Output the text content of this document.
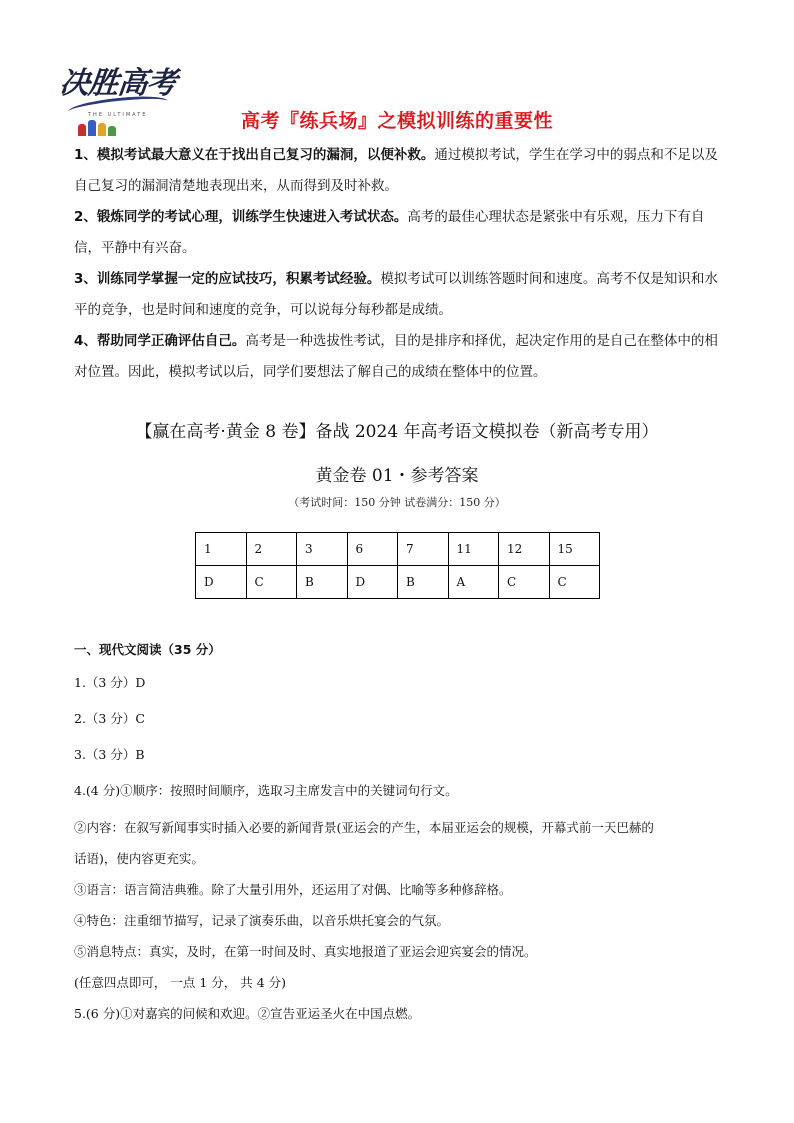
决胜高考
THE ULTIMATE	高考『练兵场』之模拟训练的重要性
1、模拟考试最大意义在于找出自己复习的漏洞，以便补救。通过模拟考试，学生在学习中的弱点和不足以及自己复习的漏洞清楚地表现出来，从而得到及时补救。
2、锻炼同学的考试心理，训练学生快速进入考试状态。高考的最佳心理状态是紧张中有乐观，压力下有自信，平静中有兴奋。
3、训练同学掌握一定的应试技巧，积累考试经验。模拟考试可以训练答题时间和速度。高考不仅是知识和水平的竞争，也是时间和速度的竞争，可以说每分每秒都是成绩。
4、帮助同学正确评估自己。高考是一种选拔性考试，目的是排序和择优，起决定作用的是自己在整体中的相对位置。因此，模拟考试以后，同学们要想法了解自己的成绩在整体中的位置。
【赢在高考·黄金 8 卷】备战 2024 年高考语文模拟卷（新高考专用）
黄金卷 01・参考答案
（考试时间：150 分钟 试卷满分：150 分）
1	2	3	6	7	11	12	15
D	C	B	D	B	A	C	C
一、现代文阅读（35 分）
1.（3 分）D
2.（3 分）C
3.（3 分）B
4.(4 分)①顺序：按照时间顺序，选取习主席发言中的关键词句行文。
②内容：在叙写新闻事实时插入必要的新闻背景(亚运会的产生，本届亚运会的规模，开幕式前一天巴赫的
话语)，使内容更充实。
③语言：语言简洁典雅。除了大量引用外，还运用了对偶、比喻等多种修辞格。
④特色：注重细节描写，记录了演奏乐曲，以音乐烘托宴会的气氛。
⑤消息特点：真实，及时，在第一时间及时、真实地报道了亚运会迎宾宴会的情况。
(任意四点即可， 一点 1 分， 共 4 分)
5.(6 分)①对嘉宾的问候和欢迎。②宣告亚运圣火在中国点燃。
